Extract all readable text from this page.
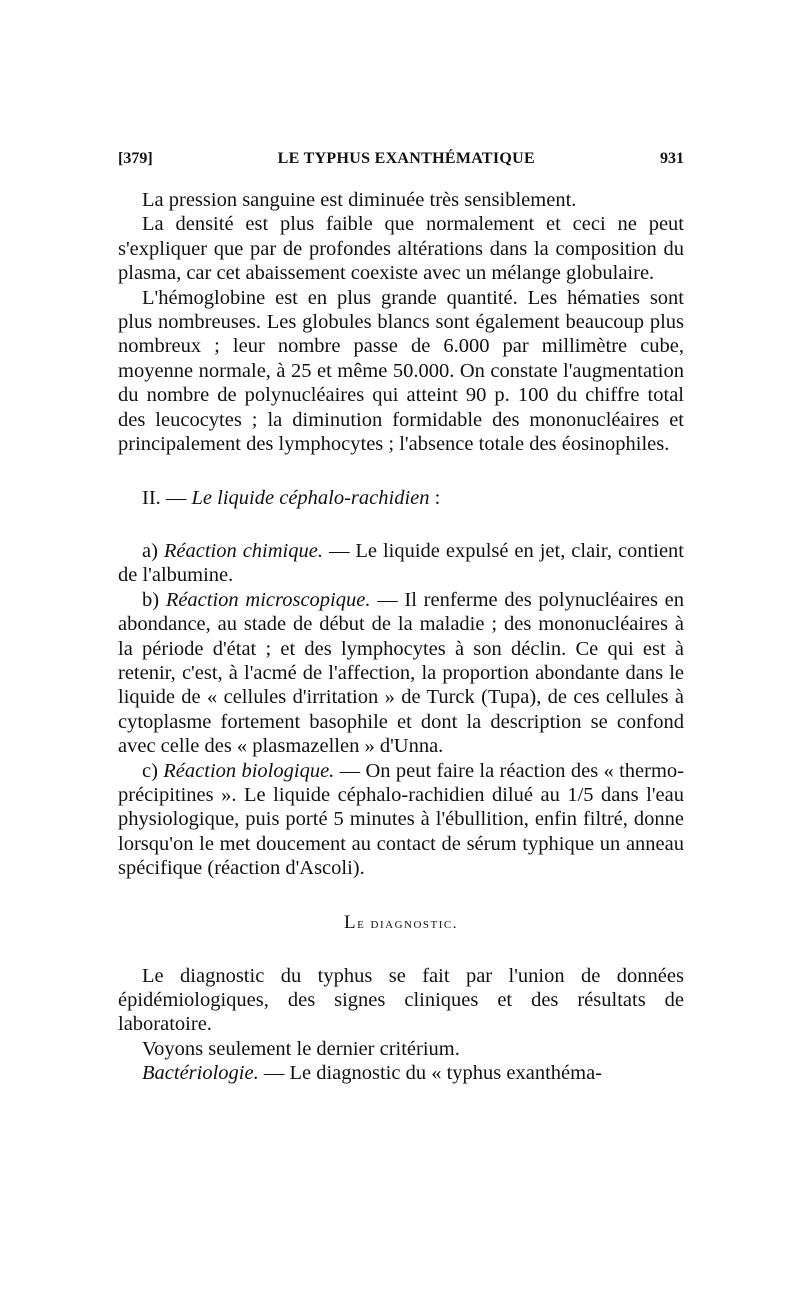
[379]	LE TYPHUS EXANTHÉMATIQUE	931

La pression sanguine est diminuée très sensiblement.

La densité est plus faible que normalement et ceci ne peut s'expliquer que par de profondes altérations dans la composition du plasma, car cet abaissement coexiste avec un mélange globulaire.

L'hémoglobine est en plus grande quantité. Les hématies sont plus nombreuses. Les globules blancs sont également beaucoup plus nombreux ; leur nombre passe de 6.000 par millimètre cube, moyenne normale, à 25 et même 50.000. On constate l'augmentation du nombre de polynucléaires qui atteint 90 p. 100 du chiffre total des leucocytes ; la diminution formidable des mononucléaires et principalement des lymphocytes ; l'absence totale des éosinophiles.

II. — Le liquide céphalo-rachidien :

a) Réaction chimique. — Le liquide expulsé en jet, clair, contient de l'albumine.

b) Réaction microscopique. — Il renferme des polynucléaires en abondance, au stade de début de la maladie ; des mononucléaires à la période d'état ; et des lymphocytes à son déclin. Ce qui est à retenir, c'est, à l'acmé de l'affection, la proportion abondante dans le liquide de « cellules d'irritation » de Turck (Tupa), de ces cellules à cytoplasme fortement basophile et dont la description se confond avec celle des « plasmazellen » d'Unna.

c) Réaction biologique. — On peut faire la réaction des « thermo-précipitines ». Le liquide céphalo-rachidien dilué au 1/5 dans l'eau physiologique, puis porté 5 minutes à l'ébullition, enfin filtré, donne lorsqu'on le met doucement au contact de sérum typhique un anneau spécifique (réaction d'Ascoli).

Le diagnostic.

Le diagnostic du typhus se fait par l'union de données épidémiologiques, des signes cliniques et des résultats de laboratoire.

Voyons seulement le dernier critérium.

Bactériologie. — Le diagnostic du « typhus exanthéma-
